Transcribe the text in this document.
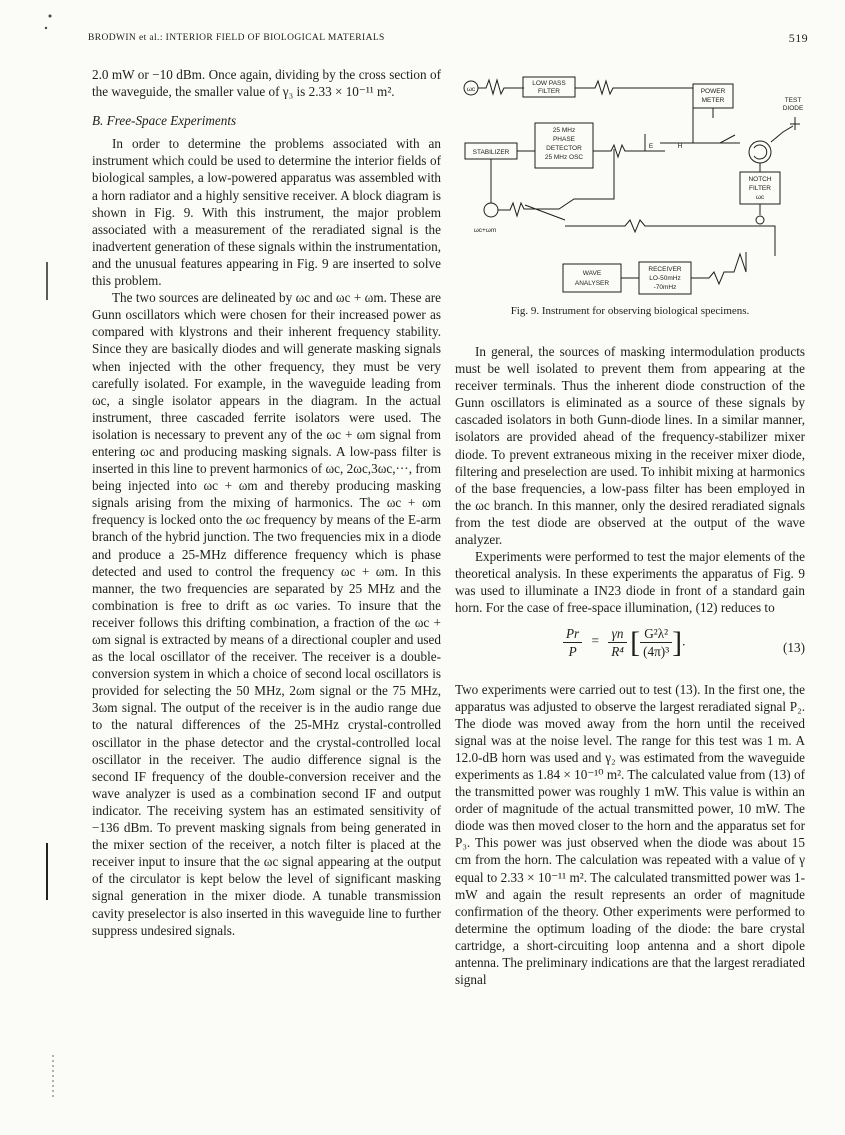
BRODWIN et al.: INTERIOR FIELD OF BIOLOGICAL MATERIALS	519

2.0 mW or −10 dBm. Once again, dividing by the cross section of the waveguide, the smaller value of γ₃ is 2.33 × 10⁻¹¹ m².

B. Free-Space Experiments

In order to determine the problems associated with an instrument which could be used to determine the interior fields of biological samples, a low-powered apparatus was assembled with a horn radiator and a highly sensitive receiver. A block diagram is shown in Fig. 9. With this instrument, the major problem associated with a measurement of the reradiated signal is the inadvertent generation of these signals within the instrumentation, and the unusual features appearing in Fig. 9 are inserted to solve this problem.

The two sources are delineated by ωc and ωc + ωm. These are Gunn oscillators which were chosen for their increased power as compared with klystrons and their inherent frequency stability. Since they are basically diodes and will generate masking signals when injected with the other frequency, they must be very carefully isolated. For example, in the waveguide leading from ωc, a single isolator appears in the diagram. In the actual instrument, three cascaded ferrite isolators were used. The isolation is necessary to prevent any of the ωc + ωm signal from entering ωc and producing masking signals. A low-pass filter is inserted in this line to prevent harmonics of ωc, 2ωc,3ωc,···, from being injected into ωc + ωm and thereby producing masking signals arising from the mixing of harmonics. The ωc + ωm frequency is locked onto the ωc frequency by means of the E-arm branch of the hybrid junction. The two frequencies mix in a diode and produce a 25-MHz difference frequency which is phase detected and used to control the frequency ωc + ωm. In this manner, the two frequencies are separated by 25 MHz and the combination is free to drift as ωc varies. To insure that the receiver follows this drifting combination, a fraction of the ωc + ωm signal is extracted by means of a directional coupler and used as the local oscillator of the receiver. The receiver is a double-conversion system in which a choice of second local oscillators is provided for selecting the 50 MHz, 2ωm signal or the 75 MHz, 3ωm signal. The output of the receiver is in the audio range due to the natural differences of the 25-MHz crystal-controlled oscillator in the phase detector and the crystal-controlled local oscillator in the receiver. The audio difference signal is the second IF frequency of the double-conversion receiver and the wave analyzer is used as a combination second IF and output indicator. The receiving system has an estimated sensitivity of −136 dBm. To prevent masking signals from being generated in the mixer section of the receiver, a notch filter is placed at the receiver input to insure that the ωc signal appearing at the output of the circulator is kept below the level of significant masking signal generation in the mixer diode. A tunable transmission cavity preselector is also inserted in this waveguide line to further suppress undesired signals.

ωc
LOW PASS
FILTER	POWER
METER	TEST
DIODE
STABILIZER
25 MHz
PHASE
DETECTOR
25 MHz OSC
E	H
NOTCH
FILTER
ωc
ωc+ωm
WAVE
ANALYSER
RECEIVER
LO-50mHz
-70mHz
Fig. 9. Instrument for observing biological specimens.

In general, the sources of masking intermodulation products must be well isolated to prevent them from appearing at the receiver terminals. Thus the inherent diode construction of the Gunn oscillators is eliminated as a source of these signals by cascaded isolators in both Gunn-diode lines. In a similar manner, isolators are provided ahead of the frequency-stabilizer mixer diode. To prevent extraneous mixing in the receiver mixer diode, filtering and preselection are used. To inhibit mixing at harmonics of the base frequencies, a low-pass filter has been employed in the ωc branch. In this manner, only the desired reradiated signals from the test diode are observed at the output of the wave analyzer.

Experiments were performed to test the major elements of the theoretical analysis. In these experiments the apparatus of Fig. 9 was used to illuminate a IN23 diode in front of a standard gain horn. For the case of free-space illumination, (12) reduces to

$\frac{Pr}{P} = \frac{\gamma n}{\text{R⁴}}$ [ $\frac{\text{G²λ²}}{\text{(4π)³}}$ ].	(13)

Two experiments were carried out to test (13). In the first one, the apparatus was adjusted to observe the largest reradiated signal P₂. The diode was moved away from the horn until the received signal was at the noise level. The range for this test was 1 m. A 12.0-dB horn was used and γ₂ was estimated from the waveguide experiments as 1.84 × 10⁻¹⁰ m². The calculated value from (13) of the transmitted power was roughly 1 mW. This value is within an order of magnitude of the actual transmitted power, 10 mW. The diode was then moved closer to the horn and the apparatus set for P₃. This power was just observed when the diode was about 15 cm from the horn. The calculation was repeated with a value of γ equal to 2.33 × 10⁻¹¹ m². The calculated transmitted power was 1-mW and again the result represents an order of magnitude confirmation of the theory. Other experiments were performed to determine the optimum loading of the diode: the bare crystal cartridge, a short-circuiting loop antenna and a short dipole antenna. The preliminary indications are that the largest reradiated signal
